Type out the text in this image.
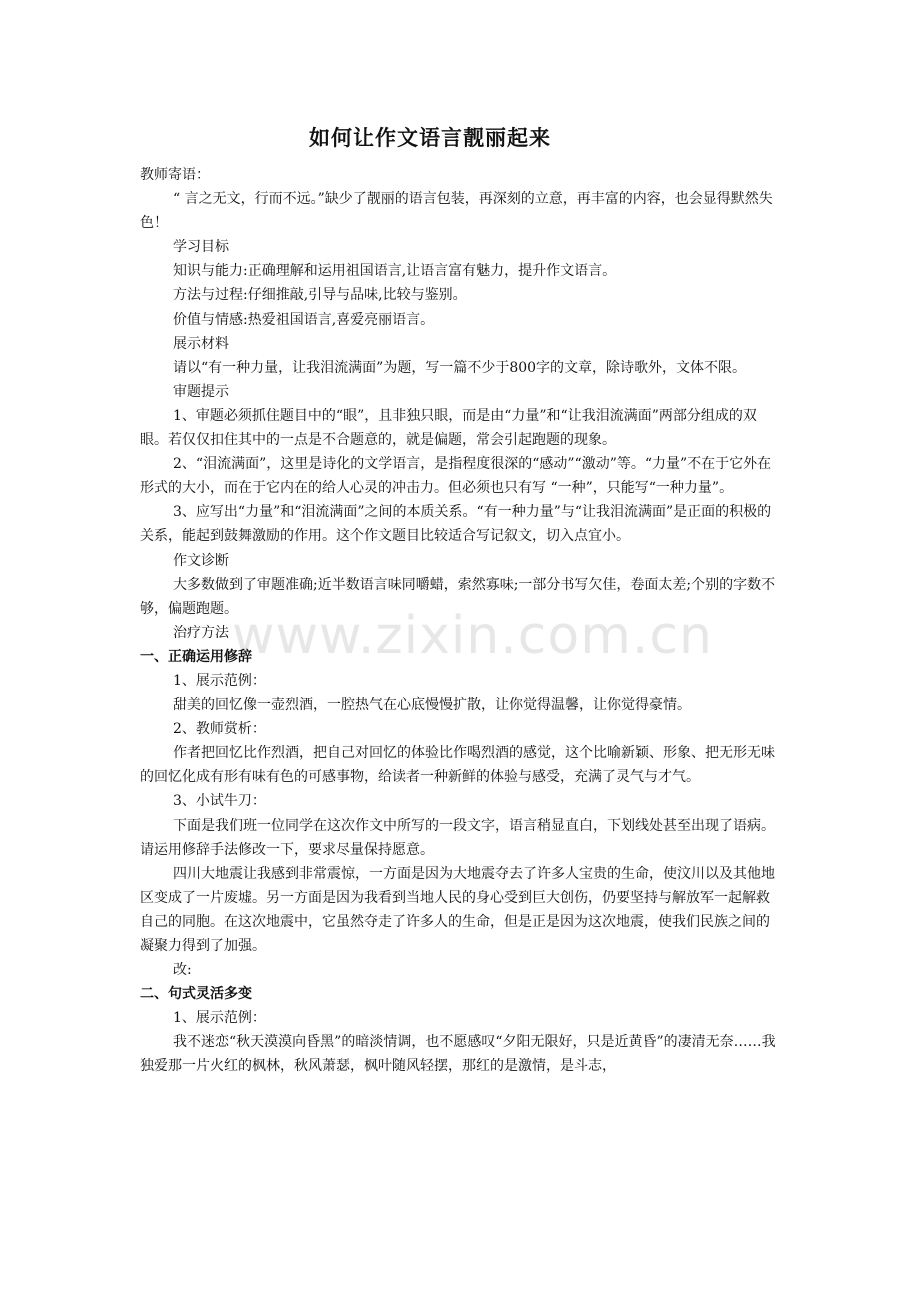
www.zixin.com.cn
如何让作文语言靓丽起来

教师寄语：

“ 言之无文，行而不远。”缺少了靓丽的语言包装，再深刻的立意，再丰富的内容，也会显得默然失色！

学习目标

知识与能力:正确理解和运用祖国语言,让语言富有魅力，提升作文语言。

方法与过程:仔细推敲,引导与品味,比较与鉴别。

价值与情感:热爱祖国语言,喜爱亮丽语言。

展示材料

请以“有一种力量，让我泪流满面”为题，写一篇不少于800字的文章，除诗歌外，文体不限。

审题提示

1、审题必须抓住题目中的“眼”，且非独只眼，而是由“力量”和“让我泪流满面”两部分组成的双眼。若仅仅扣住其中的一点是不合题意的，就是偏题，常会引起跑题的现象。

2、“泪流满面”，这里是诗化的文学语言，是指程度很深的“感动”“激动”等。“力量”不在于它外在形式的大小，而在于它内在的给人心灵的冲击力。但必须也只有写 “一种”，只能写“一种力量”。

3、应写出“力量”和“泪流满面”之间的本质关系。“有一种力量”与“让我泪流满面”是正面的积极的关系，能起到鼓舞激励的作用。这个作文题目比较适合写记叙文，切入点宜小。

作文诊断

大多数做到了审题准确;近半数语言味同嚼蜡，索然寡味;一部分书写欠佳，卷面太差;个别的字数不够，偏题跑题。

治疗方法

一、正确运用修辞

1、展示范例：

甜美的回忆像一壶烈酒，一腔热气在心底慢慢扩散，让你觉得温馨，让你觉得豪情。

2、教师赏析：

作者把回忆比作烈酒，把自己对回忆的体验比作喝烈酒的感觉，这个比喻新颖、形象、把无形无味的回忆化成有形有味有色的可感事物，给读者一种新鲜的体验与感受，充满了灵气与才气。

3、小试牛刀：

下面是我们班一位同学在这次作文中所写的一段文字，语言稍显直白，下划线处甚至出现了语病。请运用修辞手法修改一下，要求尽量保持愿意。

四川大地震让我感到非常震惊，一方面是因为大地震夺去了许多人宝贵的生命，使汶川以及其他地区变成了一片废墟。另一方面是因为我看到当地人民的身心受到巨大创伤，仍要坚持与解放军一起解救自己的同胞。在这次地震中，它虽然夺走了许多人的生命，但是正是因为这次地震，使我们民族之间的凝聚力得到了加强。

改:

二、句式灵活多变

1、展示范例：

我不迷恋“秋天漠漠向昏黑”的暗淡情调，也不愿感叹“夕阳无限好，只是近黄昏”的凄清无奈……我独爱那一片火红的枫林，秋风萧瑟，枫叶随风轻摆，那红的是激情，是斗志，
